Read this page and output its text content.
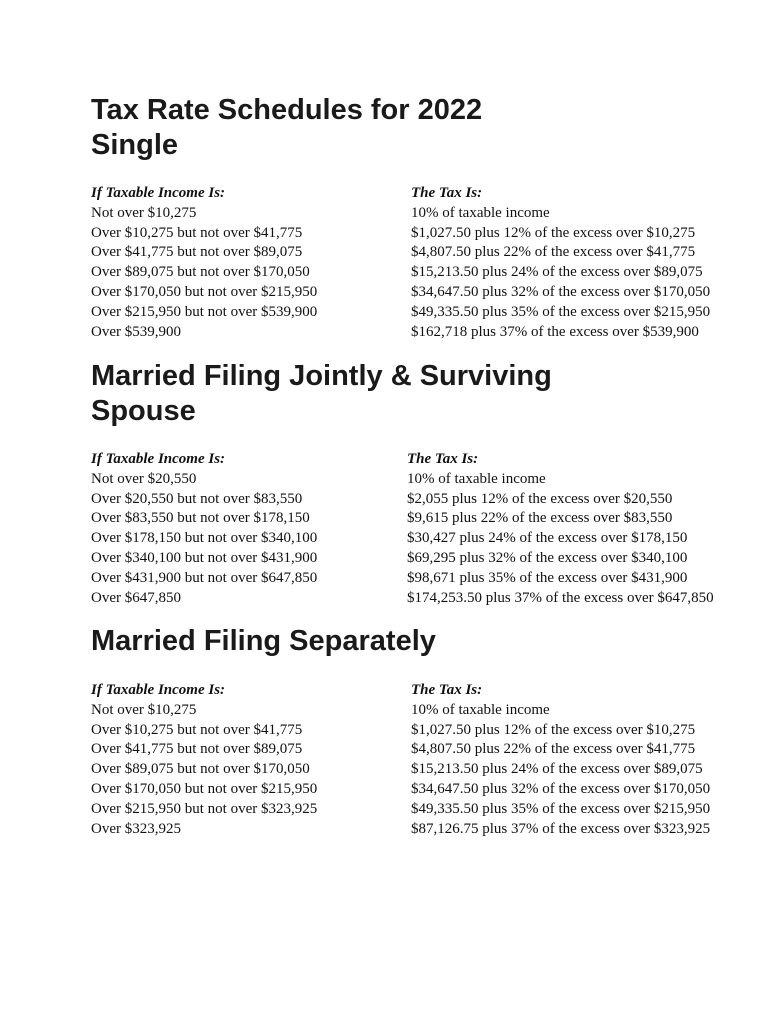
Tax Rate Schedules for 2022
Single
If Taxable Income Is:	The Tax Is:
Not over $10,275	10% of taxable income
Over $10,275 but not over $41,775	$1,027.50 plus 12% of the excess over $10,275
Over $41,775 but not over $89,075	$4,807.50 plus 22% of the excess over $41,775
Over $89,075 but not over $170,050	$15,213.50 plus 24% of the excess over $89,075
Over $170,050 but not over $215,950	$34,647.50 plus 32% of the excess over $170,050
Over $215,950 but not over $539,900	$49,335.50 plus 35% of the excess over $215,950
Over $539,900	$162,718 plus 37% of the excess over $539,900
Married Filing Jointly & Surviving
Spouse
If Taxable Income Is:	The Tax Is:
Not over $20,550	10% of taxable income
Over $20,550 but not over $83,550	$2,055 plus 12% of the excess over $20,550
Over $83,550 but not over $178,150	$9,615 plus 22% of the excess over $83,550
Over $178,150 but not over $340,100	$30,427 plus 24% of the excess over $178,150
Over $340,100 but not over $431,900	$69,295 plus 32% of the excess over $340,100
Over $431,900 but not over $647,850	$98,671 plus 35% of the excess over $431,900
Over $647,850	$174,253.50 plus 37% of the excess over $647,850
Married Filing Separately
If Taxable Income Is:	The Tax Is:
Not over $10,275	10% of taxable income
Over $10,275 but not over $41,775	$1,027.50 plus 12% of the excess over $10,275
Over $41,775 but not over $89,075	$4,807.50 plus 22% of the excess over $41,775
Over $89,075 but not over $170,050	$15,213.50 plus 24% of the excess over $89,075
Over $170,050 but not over $215,950	$34,647.50 plus 32% of the excess over $170,050
Over $215,950 but not over $323,925	$49,335.50 plus 35% of the excess over $215,950
Over $323,925	$87,126.75 plus 37% of the excess over $323,925
